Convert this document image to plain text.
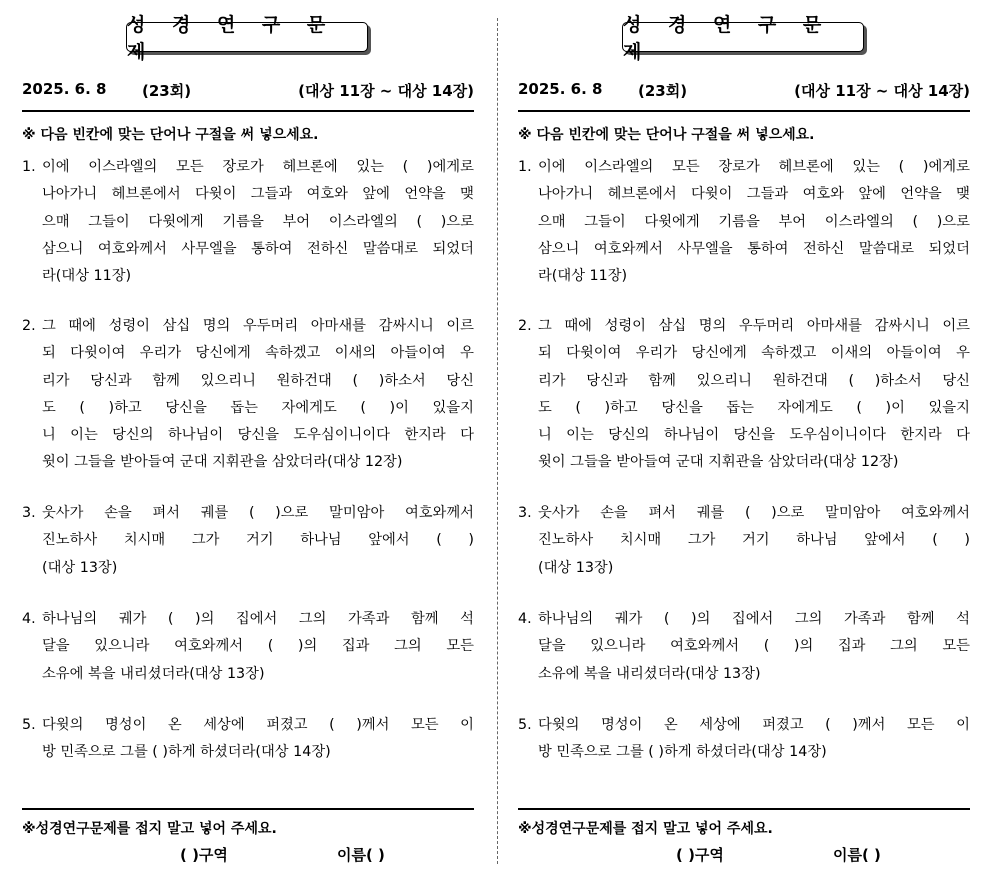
성 경 연 구 문 제
2025. 6. 8 (23회)	(대상 11장 ~ 대상 14장)
※ 다음 빈칸에 맞는 단어나 구절을 써 넣으세요.
1. 이에 이스라엘의 모든 장로가 헤브론에 있는 ( )에게로
나아가니 헤브론에서 다윗이 그들과 여호와 앞에 언약을 맺
으매 그들이 다윗에게 기름을 부어 이스라엘의 ( )으로
삼으니 여호와께서 사무엘을 통하여 전하신 말씀대로 되었더
라(대상 11장)
2. 그 때에 성령이 삼십 명의 우두머리 아마새를 감싸시니 이르
되 다윗이여 우리가 당신에게 속하겠고 이새의 아들이여 우
리가 당신과 함께 있으리니 원하건대 ( )하소서 당신
도 ( )하고 당신을 돕는 자에게도 ( )이 있을지
니 이는 당신의 하나님이 당신을 도우심이니이다 한지라 다
윗이 그들을 받아들여 군대 지휘관을 삼았더라(대상 12장)
3. 웃사가 손을 펴서 궤를 ( )으로 말미암아 여호와께서
진노하사 치시매 그가 거기 하나님 앞에서 ( )
(대상 13장)
4. 하나님의 궤가 ( )의 집에서 그의 가족과 함께 석
달을 있으니라 여호와께서 ( )의 집과 그의 모든
소유에 복을 내리셨더라(대상 13장)
5. 다윗의 명성이 온 세상에 퍼졌고 ( )께서 모든 이
방 민족으로 그를 ( )하게 하셨더라(대상 14장)
※성경연구문제를 접지 말고 넣어 주세요.
( )구역	이름( )
성 경 연 구 문 제
2025. 6. 8 (23회)	(대상 11장 ~ 대상 14장)
※ 다음 빈칸에 맞는 단어나 구절을 써 넣으세요.
1. 이에 이스라엘의 모든 장로가 헤브론에 있는 ( )에게로
나아가니 헤브론에서 다윗이 그들과 여호와 앞에 언약을 맺
으매 그들이 다윗에게 기름을 부어 이스라엘의 ( )으로
삼으니 여호와께서 사무엘을 통하여 전하신 말씀대로 되었더
라(대상 11장)
2. 그 때에 성령이 삼십 명의 우두머리 아마새를 감싸시니 이르
되 다윗이여 우리가 당신에게 속하겠고 이새의 아들이여 우
리가 당신과 함께 있으리니 원하건대 ( )하소서 당신
도 ( )하고 당신을 돕는 자에게도 ( )이 있을지
니 이는 당신의 하나님이 당신을 도우심이니이다 한지라 다
윗이 그들을 받아들여 군대 지휘관을 삼았더라(대상 12장)
3. 웃사가 손을 펴서 궤를 ( )으로 말미암아 여호와께서
진노하사 치시매 그가 거기 하나님 앞에서 ( )
(대상 13장)
4. 하나님의 궤가 ( )의 집에서 그의 가족과 함께 석
달을 있으니라 여호와께서 ( )의 집과 그의 모든
소유에 복을 내리셨더라(대상 13장)
5. 다윗의 명성이 온 세상에 퍼졌고 ( )께서 모든 이
방 민족으로 그를 ( )하게 하셨더라(대상 14장)
※성경연구문제를 접지 말고 넣어 주세요.
( )구역	이름( )
